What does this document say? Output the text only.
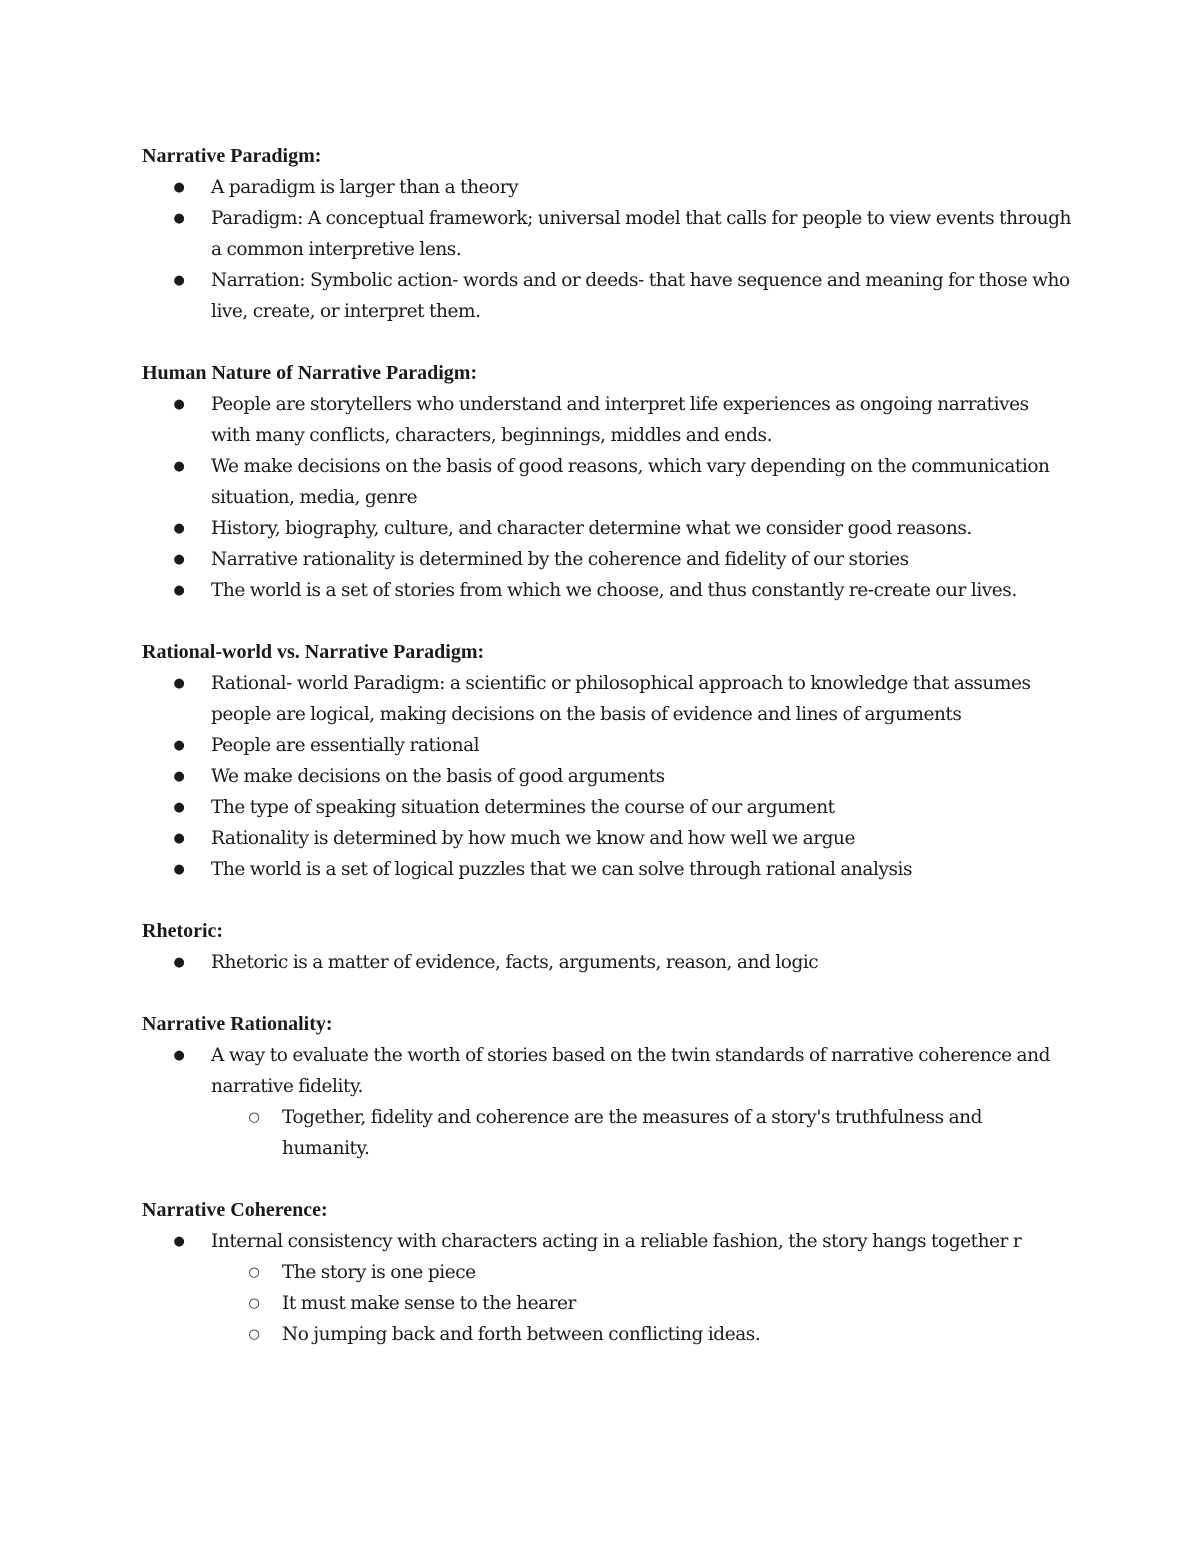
Narrative Paradigm:
● A paradigm is larger than a theory
● Paradigm: A conceptual framework; universal model that calls for people to view events through a common interpretive lens.
● Narration: Symbolic action- words and or deeds- that have sequence and meaning for those who live, create, or interpret them.
Human Nature of Narrative Paradigm:
● People are storytellers who understand and interpret life experiences as ongoing narratives with many conflicts, characters, beginnings, middles and ends.
● We make decisions on the basis of good reasons, which vary depending on the communication situation, media, genre
● History, biography, culture, and character determine what we consider good reasons.
● Narrative rationality is determined by the coherence and fidelity of our stories
● The world is a set of stories from which we choose, and thus constantly re-create our lives.
Rational-world vs. Narrative Paradigm:
● Rational- world Paradigm: a scientific or philosophical approach to knowledge that assumes people are logical, making decisions on the basis of evidence and lines of arguments
● People are essentially rational
● We make decisions on the basis of good arguments
● The type of speaking situation determines the course of our argument
● Rationality is determined by how much we know and how well we argue
● The world is a set of logical puzzles that we can solve through rational analysis
Rhetoric:
● Rhetoric is a matter of evidence, facts, arguments, reason, and logic
Narrative Rationality:
● A way to evaluate the worth of stories based on the twin standards of narrative coherence and narrative fidelity.
○ Together, fidelity and coherence are the measures of a story's truthfulness and humanity.
Narrative Coherence:
● Internal consistency with characters acting in a reliable fashion, the story hangs together r
○ The story is one piece
○ It must make sense to the hearer
○ No jumping back and forth between conflicting ideas.
